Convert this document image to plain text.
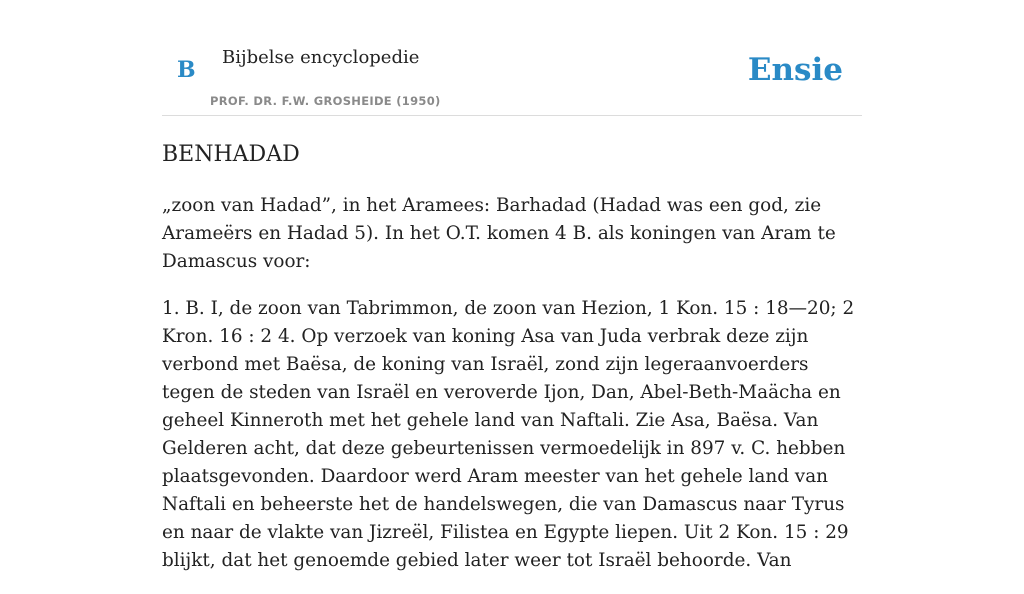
B Bijbelse encyclopedie
PROF. DR. F.W. GROSHEIDE (1950)
Ensie
BENHADAD

„zoon van Hadad”, in het Aramees: Barhadad (Hadad was een god, zie Arameërs en Hadad 5). In het O.T. komen 4 B. als koningen van Aram te Damascus voor:

1. B. I, de zoon van Tabrimmon, de zoon van Hezion, 1 Kon. 15 : 18—20; 2 Kron. 16 : 2 4. Op verzoek van koning Asa van Juda verbrak deze zijn verbond met Baësa, de koning van Israël, zond zijn legeraanvoerders tegen de steden van Israël en veroverde Ijon, Dan, Abel-Beth-Maächa en geheel Kinneroth met het gehele land van Naftali. Zie Asa, Baësa. Van Gelderen acht, dat deze gebeurtenissen vermoedelijk in 897 v. C. hebben plaatsgevonden. Daardoor werd Aram meester van het gehele land van Naftali en beheerste het de handelswegen, die van Damascus naar Tyrus en naar de vlakte van Jizreël, Filistea en Egypte liepen. Uit 2 Kon. 15 : 29 blijkt, dat het genoemde gebied later weer tot Israël behoorde. Van
